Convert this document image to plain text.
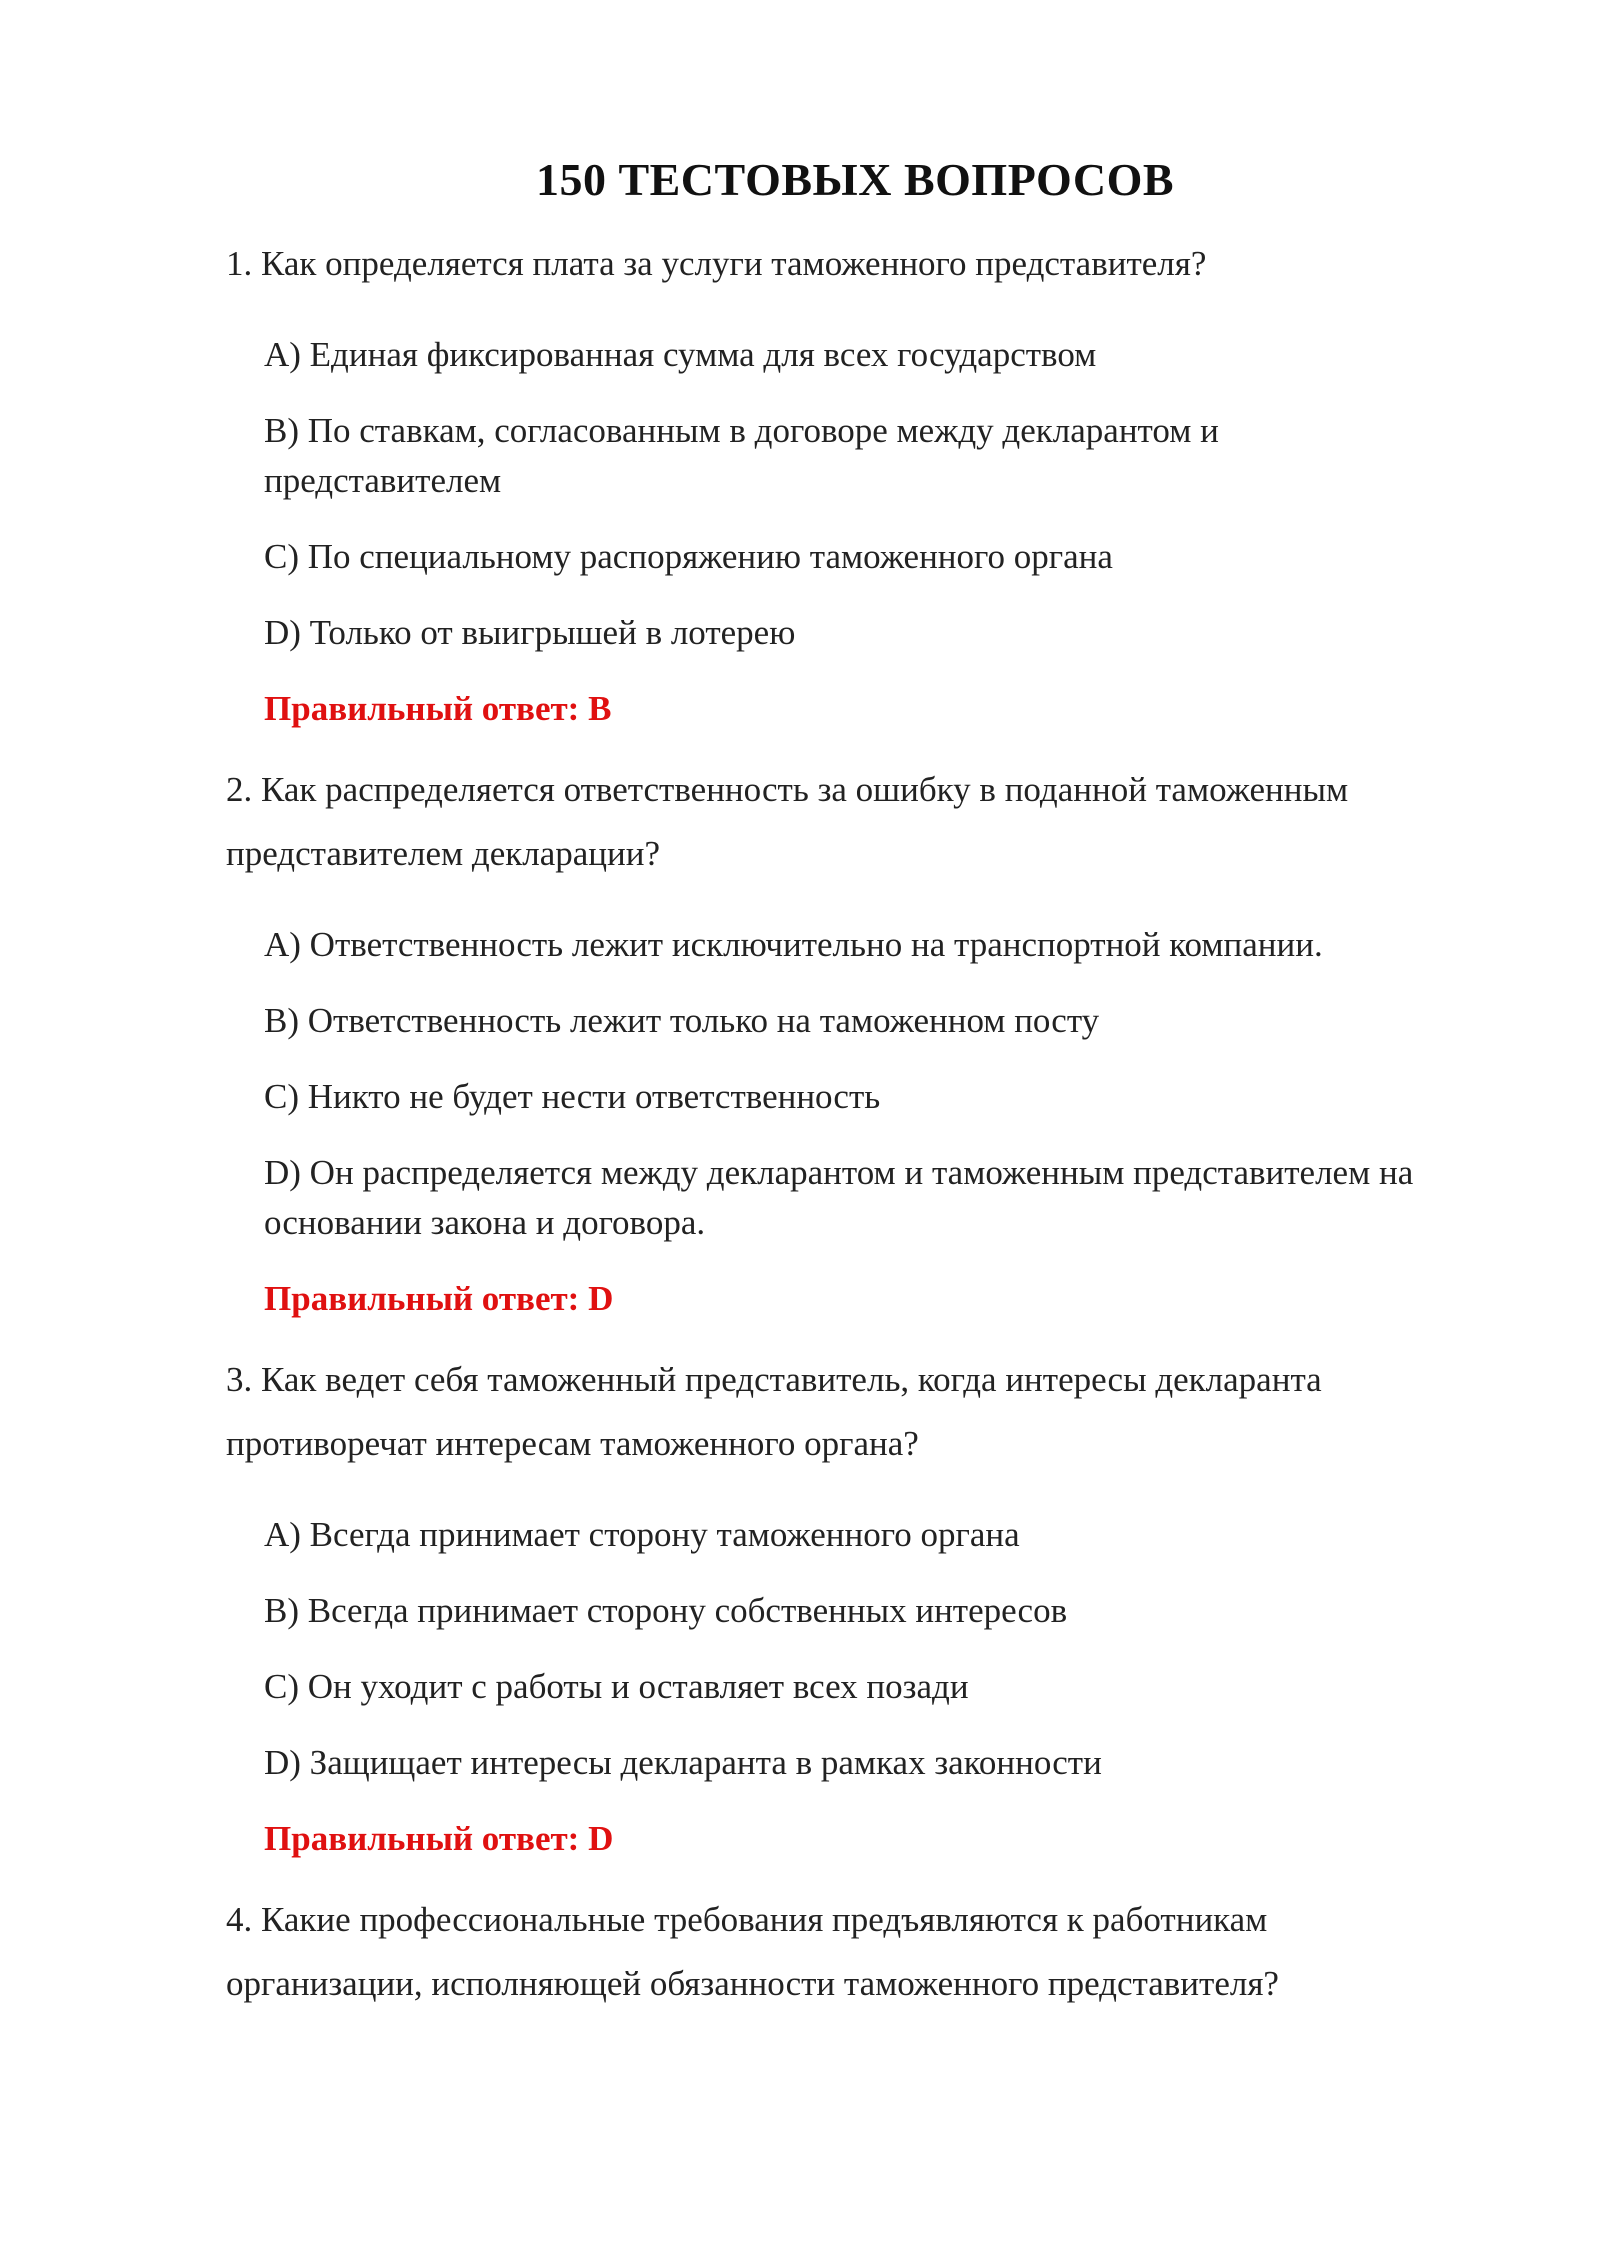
150 ТЕСТОВЫХ ВОПРОСОВ
1. Как определяется плата за услуги таможенного представителя?
A) Единая фиксированная сумма для всех государством
B) По ставкам, согласованным в договоре между декларантом и представителем
C) По специальному распоряжению таможенного органа
D) Только от выигрышей в лотерею
Правильный ответ: B
2. Как распределяется ответственность за ошибку в поданной таможенным представителем декларации?
A) Ответственность лежит исключительно на транспортной компании.
B) Ответственность лежит только на таможенном посту
C) Никто не будет нести ответственность
D) Он распределяется между декларантом и таможенным представителем на основании закона и договора.
Правильный ответ: D
3. Как ведет себя таможенный представитель, когда интересы декларанта противоречат интересам таможенного органа?
A) Всегда принимает сторону таможенного органа
B) Всегда принимает сторону собственных интересов
C) Он уходит с работы и оставляет всех позади
D) Защищает интересы декларанта в рамках законности
Правильный ответ: D
4. Какие профессиональные требования предъявляются к работникам организации, исполняющей обязанности таможенного представителя?
